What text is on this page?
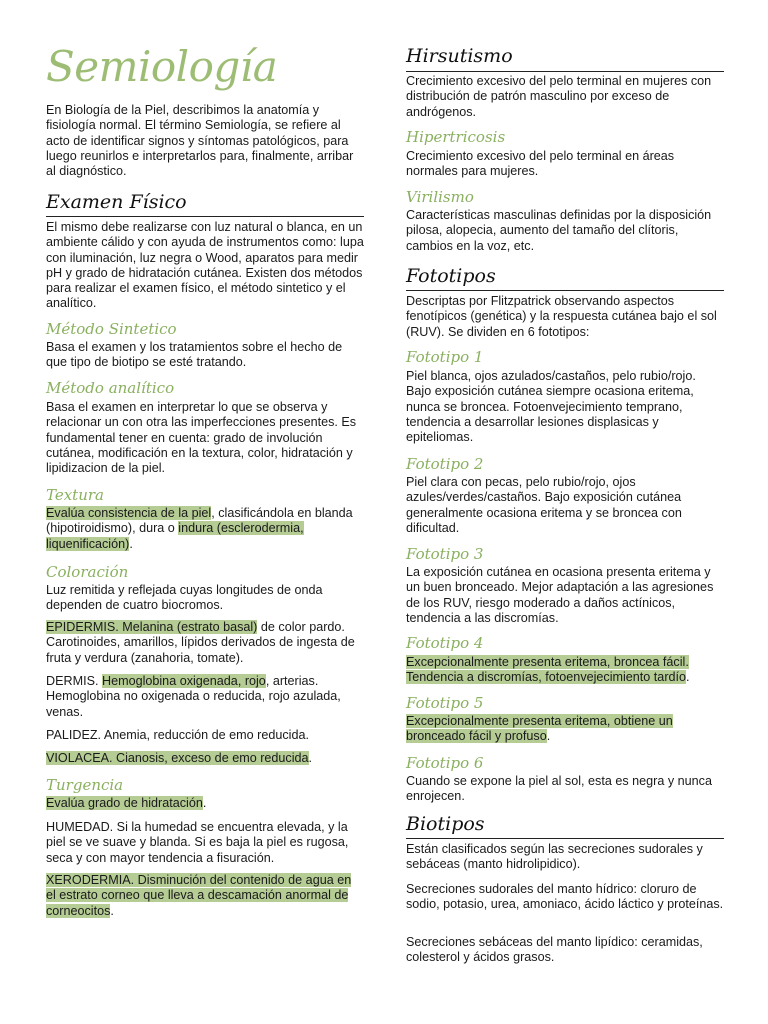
Semiología
En Biología de la Piel, describimos la anatomía y fisiología normal. El término Semiología, se refiere al acto de identificar signos y síntomas patológicos, para luego reunirlos e interpretarlos para, finalmente, arribar al diagnóstico.
Examen Físico
El mismo debe realizarse con luz natural o blanca, en un ambiente cálido y con ayuda de instrumentos como: lupa con iluminación, luz negra o Wood, aparatos para medir pH y grado de hidratación cutánea. Existen dos métodos para realizar el examen físico, el método sintetico y el analítico.
Método Sintetico
Basa el examen y los tratamientos sobre el hecho de que tipo de biotipo se esté tratando.
Método analítico
Basa el examen en interpretar lo que se observa y relacionar un con otra las imperfecciones presentes. Es fundamental tener en cuenta: grado de involución cutánea, modificación en la textura, color, hidratación y lipidizacion de la piel.
Textura
Evalúa consistencia de la piel, clasificándola en blanda (hipotiroidismo), dura o indura (esclerodermia, liquenificación).
Coloración
Luz remitida y reflejada cuyas longitudes de onda dependen de cuatro biocromos.
EPIDERMIS. Melanina (estrato basal) de color pardo. Carotinoides, amarillos, lípidos derivados de ingesta de fruta y verdura (zanahoria, tomate).
DERMIS. Hemoglobina oxigenada, rojo, arterias. Hemoglobina no oxigenada o reducida, rojo azulada, venas.
PALIDEZ. Anemia, reducción de emo reducida.
VIOLACEA. Cianosis, exceso de emo reducida.
Turgencia
Evalúa grado de hidratación.
HUMEDAD. Si la humedad se encuentra elevada, y la piel se ve suave y blanda. Si es baja la piel es rugosa, seca y con mayor tendencia a fisuración.
XERODERMIA. Disminución del contenido de agua en el estrato corneo que lleva a descamación anormal de corneocitos.
Hirsutismo
Crecimiento excesivo del pelo terminal en mujeres con distribución de patrón masculino por exceso de andrógenos.
Hipertricosis
Crecimiento excesivo del pelo terminal en áreas normales para mujeres.
Virilismo
Características masculinas definidas por la disposición pilosa, alopecia, aumento del tamaño del clítoris, cambios en la voz, etc.
Fototipos
Descriptas por Flitzpatrick observando aspectos fenotípicos (genética) y la respuesta cutánea bajo el sol (RUV). Se dividen en 6 fototipos:
Fototipo 1
Piel blanca, ojos azulados/castaños, pelo rubio/rojo. Bajo exposición cutánea siempre ocasiona eritema, nunca se broncea. Fotoenvejecimiento temprano, tendencia a desarrollar lesiones displasicas y epiteliomas.
Fototipo 2
Piel clara con pecas, pelo rubio/rojo, ojos azules/verdes/castaños. Bajo exposición cutánea generalmente ocasiona eritema y se broncea con dificultad.
Fototipo 3
La exposición cutánea en ocasiona presenta eritema y un buen bronceado. Mejor adaptación a las agresiones de los RUV, riesgo moderado a daños actínicos, tendencia a las discromías.
Fototipo 4
Excepcionalmente presenta eritema, broncea fácil. Tendencia a discromías, fotoenvejecimiento tardío.
Fototipo 5
Excepcionalmente presenta eritema, obtiene un bronceado fácil y profuso.
Fototipo 6
Cuando se expone la piel al sol, esta es negra y nunca enrojecen.
Biotipos
Están clasificados según las secreciones sudorales y sebáceas (manto hidrolipidico).
Secreciones sudorales del manto hídrico: cloruro de sodio, potasio, urea, amoniaco, ácido láctico y proteínas.
Secreciones sebáceas del manto lipídico: ceramidas, colesterol y ácidos grasos.
